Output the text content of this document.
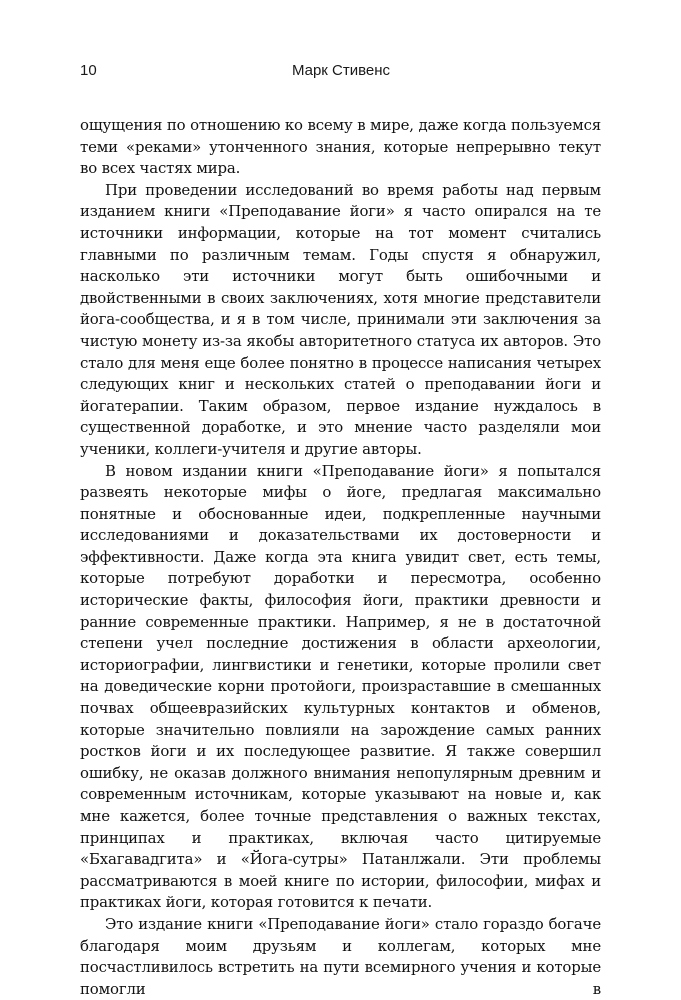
10	Марк Стивенс

ощущения по отношению ко всему в мире, даже когда пользуемся теми «реками» утонченного знания, которые непрерывно текут во всех частях мира.

При проведении исследований во время работы над первым изданием книги «Преподавание йоги» я часто опирался на те источники информации, которые на тот момент считались главными по различным темам. Годы спустя я обнаружил, насколько эти источники могут быть ошибочными и двойственными в своих заключениях, хотя многие представители йога-сообщества, и я в том числе, принимали эти заключения за чистую монету из-за якобы авторитетного статуса их авторов. Это стало для меня еще более понятно в процессе написания четырех следующих книг и нескольких статей о преподавании йоги и йогатерапии. Таким образом, первое издание нуждалось в существенной доработке, и это мнение часто разделяли мои ученики, коллеги-учителя и другие авторы.

В новом издании книги «Преподавание йоги» я попытался развеять некоторые мифы о йоге, предлагая максимально понятные и обоснованные идеи, подкрепленные научными исследованиями и доказательствами их достоверности и эффективности. Даже когда эта книга увидит свет, есть темы, которые потребуют доработки и пересмотра, особенно исторические факты, философия йоги, практики древности и ранние современные практики. Например, я не в достаточной степени учел последние достижения в области археологии, историографии, лингвистики и генетики, которые пролили свет на доведические корни протойоги, произраставшие в смешанных почвах общеевразийских культурных контактов и обменов, которые значительно повлияли на зарождение самых ранних ростков йоги и их последующее развитие. Я также совершил ошибку, не оказав должного внимания непопулярным древним и современным источникам, которые указывают на новые и, как мне кажется, более точные представления о важных текстах, принципах и практиках, включая часто цитируемые «Бхагавадгита» и «Йога-сутры» Патанлжали. Эти проблемы рассматриваются в моей книге по истории, философии, мифах и практиках йоги, которая готовится к печати.

Это издание книги «Преподавание йоги» стало гораздо богаче благодаря моим друзьям и коллегам, которых мне посчастливилось встретить на пути всемирного учения и которые помогли в
